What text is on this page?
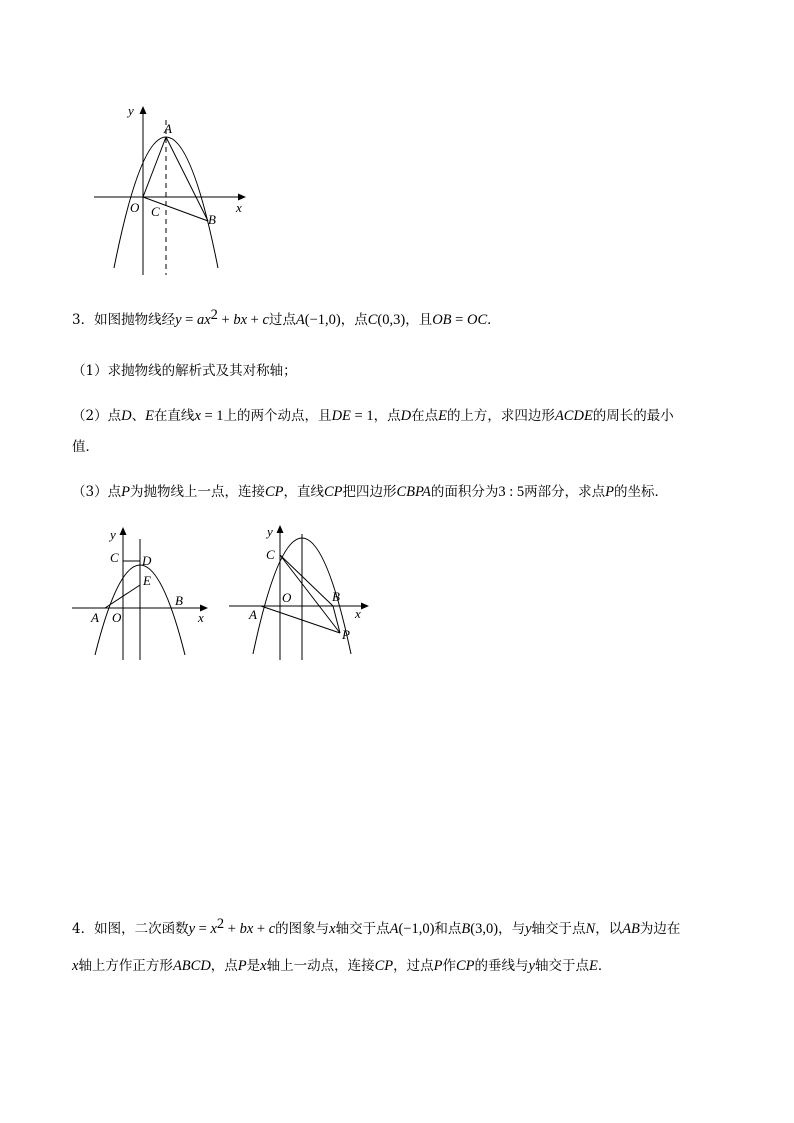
y
A
O C	x
B
3．如图抛物线经$y = ax^2$ + bx + c过点A(−1,0)，点C(0,3)，且OB = OC．
（1）求抛物线的解析式及其对称轴；
（2）点D、E在直线x = 1上的两个动点，且DE = 1，点D在点E的上方，求四边形ACDE的周长的最小
值．
（3）点P为抛物线上一点，连接CP，直线CP把四边形CBPA的面积分为3 : 5两部分，求点P的坐标．
y
C D
E
B
A O	x
y
C
O	B
A	x
P
4．如图，二次函数$y = x^2$ + bx + c的图象与x轴交于点A(−1,0)和点B(3,0)，与y轴交于点N，以AB为边在
x轴上方作正方形ABCD，点P是x轴上一动点，连接CP，过点P作CP的垂线与y轴交于点E．
